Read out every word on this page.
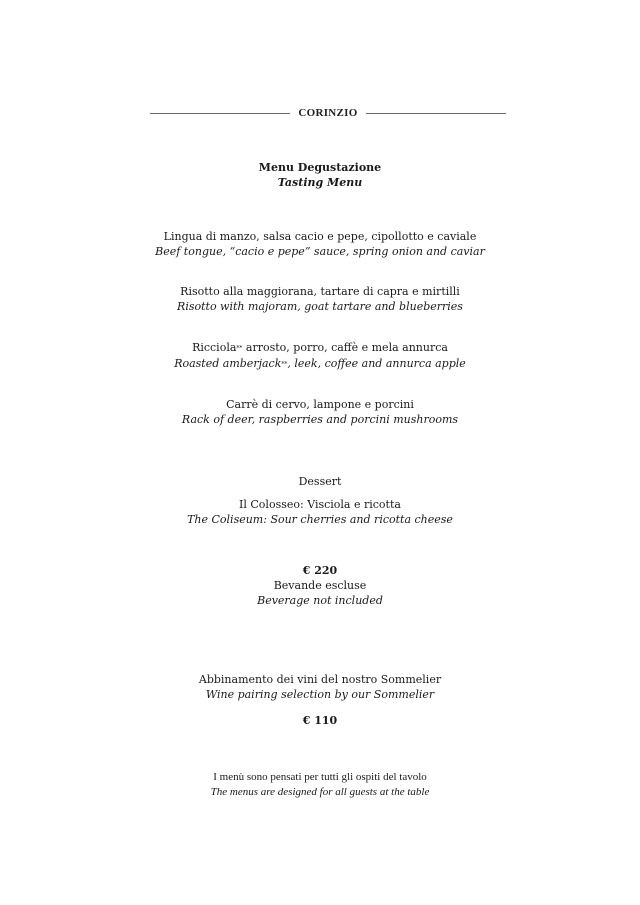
CORINZIO
Menu Degustazione
Tasting Menu
Lingua di manzo, salsa cacio e pepe, cipollotto e caviale
Beef tongue, “cacio e pepe” sauce, spring onion and caviar
Risotto alla maggiorana, tartare di capra e mirtilli
Risotto with majoram, goat tartare and blueberries
Ricciola** arrosto, porro, caffè e mela annurca
Roasted amberjack**, leek, coffee and annurca apple
Carrè di cervo, lampone e porcini
Rack of deer, raspberries and porcini mushrooms
Dessert
Il Colosseo: Visciola e ricotta
The Coliseum: Sour cherries and ricotta cheese
€ 220
Bevande escluse
Beverage not included
Abbinamento dei vini del nostro Sommelier
Wine pairing selection by our Sommelier
€ 110
I menù sono pensati per tutti gli ospiti del tavolo
The menus are designed for all guests at the table
